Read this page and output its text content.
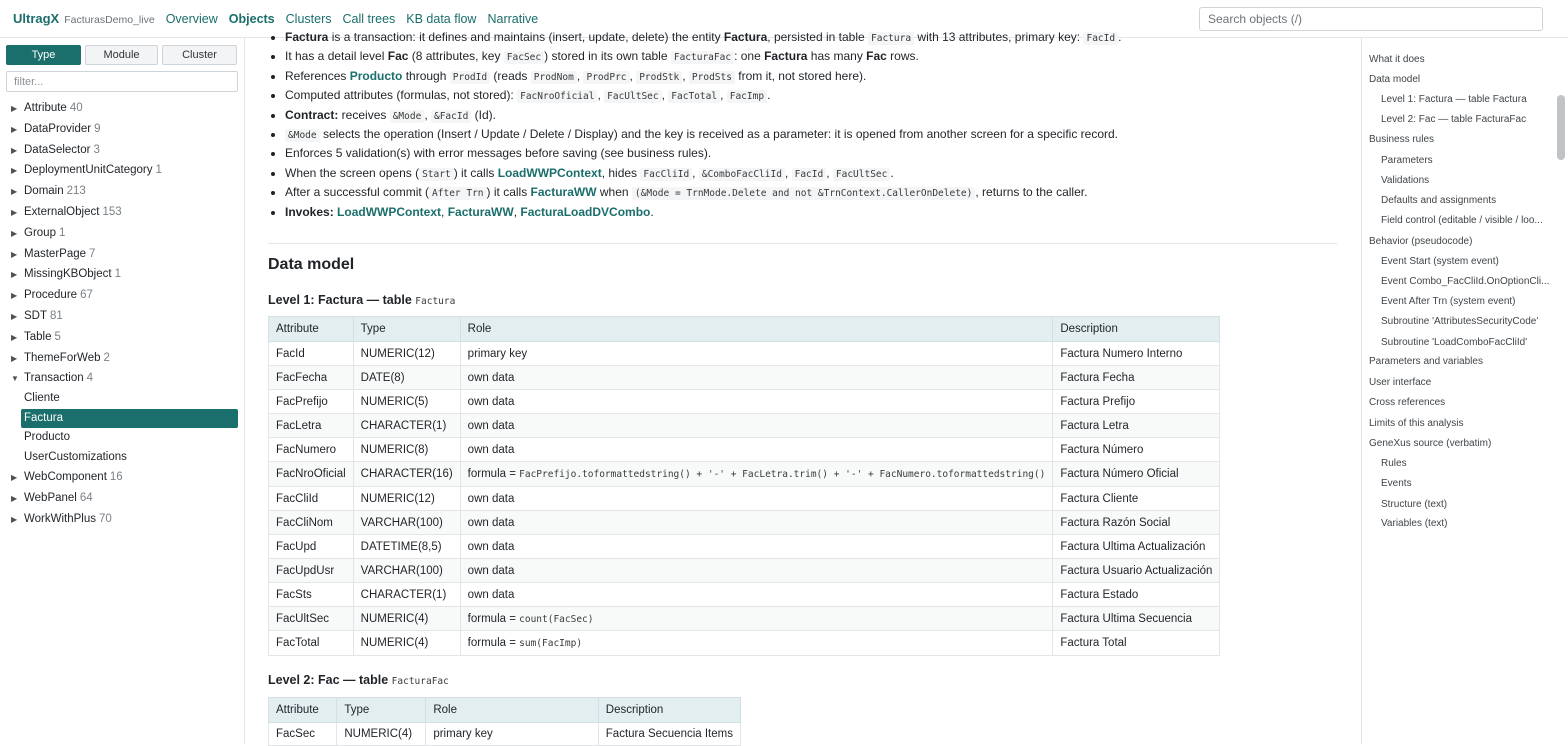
UltragX FacturasDemo_live Overview Objects Clusters Call trees KB data flow Narrative
Search objects (/)
Type	Module	Cluster
filter...
▶ Attribute 40
▶ DataProvider 9
▶ DataSelector 3
▶ DeploymentUnitCategory 1
▶ Domain 213
▶ ExternalObject 153
▶ Group 1
▶ MasterPage 7
▶ MissingKBObject 1
▶ Procedure 67
▶ SDT 81
▶ Table 5
▶ ThemeForWeb 2
▼ Transaction 4
Cliente
Factura
Producto
UserCustomizations
▶ WebComponent 16
▶ WebPanel 64
▶ WorkWithPlus 70
• Factura is a transaction: it defines and maintains (insert, update, delete) the entity Factura, persisted in table Factura with 13 attributes, primary key: FacId .
• It has a detail level Fac (8 attributes, key FacSec ) stored in its own table FacturaFac : one Factura has many Fac rows.
• References Producto through ProdId (reads ProdNom , ProdPrc , ProdStk , ProdSts from it, not stored here).
• Computed attributes (formulas, not stored): FacNroOficial , FacUltSec , FacTotal , FacImp .
• Contract: receives &Mode , &FacId (Id).
• &Mode selects the operation (Insert / Update / Delete / Display) and the key is received as a parameter: it is opened from another screen for a specific record.
• Enforces 5 validation(s) with error messages before saving (see business rules).
• When the screen opens ( Start ) it calls LoadWWPContext, hides FacCliId , &ComboFacCliId , FacId , FacUltSec .
• After a successful commit ( After Trn ) it calls FacturaWW when (&Mode = TrnMode.Delete and not &TrnContext.CallerOnDelete) , returns to the caller.
• Invokes: LoadWWPContext, FacturaWW, FacturaLoadDVCombo.
Data model
Level 1: Factura — table Factura
Attribute	Type	Role	Description
FacId	NUMERIC(12)	primary key	Factura Numero Interno
FacFecha	DATE(8)	own data	Factura Fecha
FacPrefijo	NUMERIC(5)	own data	Factura Prefijo
FacLetra	CHARACTER(1)	own data	Factura Letra
FacNumero	NUMERIC(8)	own data	Factura Número
FacNroOficial	CHARACTER(16)	formula = FacPrefijo.toformattedstring() + '-' + FacLetra.trim() + '-' + FacNumero.toformattedstring()	Factura Número Oficial
FacCliId	NUMERIC(12)	own data	Factura Cliente
FacCliNom	VARCHAR(100)	own data	Factura Razón Social
FacUpd	DATETIME(8,5)	own data	Factura Ultima Actualización
FacUpdUsr	VARCHAR(100)	own data	Factura Usuario Actualización
FacSts	CHARACTER(1)	own data	Factura Estado
FacUltSec	NUMERIC(4)	formula = count(FacSec)	Factura Ultima Secuencia
FacTotal	NUMERIC(4)	formula = sum(FacImp)	Factura Total
Level 2: Fac — table FacturaFac
Attribute	Type	Role	Description
FacSec	NUMERIC(4)	primary key	Factura Secuencia Items
What it does
Data model
Level 1: Factura — table Factura
Level 2: Fac — table FacturaFac
Business rules
Parameters
Validations
Defaults and assignments
Field control (editable / visible / loo...
Behavior (pseudocode)
Event Start (system event)
Event Combo_FacCliId.OnOptionCli...
Event After Trn (system event)
Subroutine 'AttributesSecurityCode'
Subroutine 'LoadComboFacCliId'
Parameters and variables
User interface
Cross references
Limits of this analysis
GeneXus source (verbatim)
Rules
Events
Structure (text)
Variables (text)
